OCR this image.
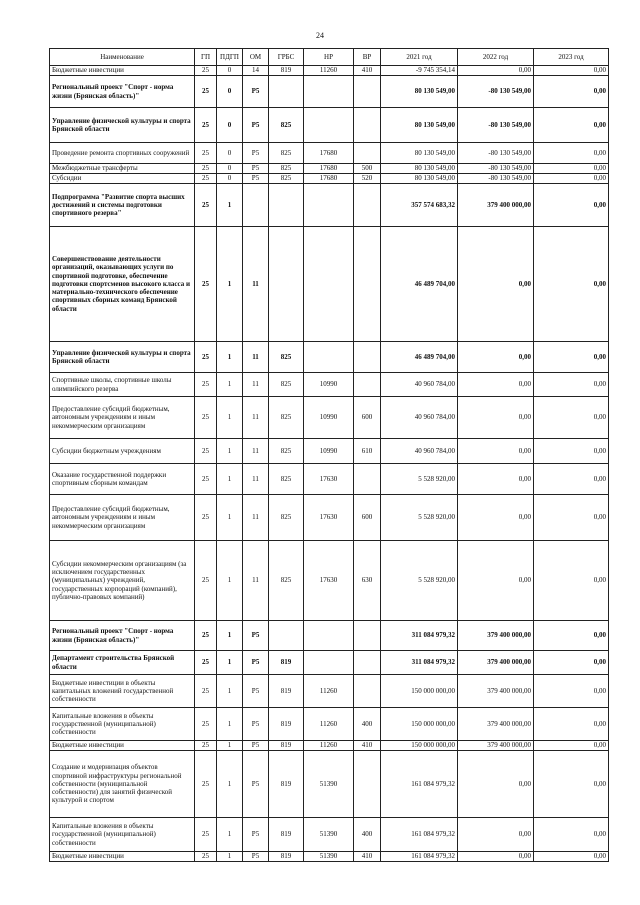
24
Наименование	ГП	ПДГП	ОМ	ГРБС	НР	ВР	2021 год	2022 год	2023 год
Бюджетные инвестиции	25	0	14	819	11260	410	-9 745 354,14	0,00	0,00
Региональный проект "Спорт - норма жизни (Брянская область)"	25	0	P5				80 130 549,00	-80 130 549,00	0,00
Управление физической культуры и спорта Брянской области	25	0	P5	825			80 130 549,00	-80 130 549,00	0,00
Проведение ремонта спортивных сооружений	25	0	P5	825	17680		80 130 549,00	-80 130 549,00	0,00
Межбюджетные трансферты	25	0	P5	825	17680	500	80 130 549,00	-80 130 549,00	0,00
Субсидии	25	0	P5	825	17680	520	80 130 549,00	-80 130 549,00	0,00
Подпрограмма "Развитие спорта высших достижений и системы подготовки спортивного резерва"	25	1					357 574 683,32	379 400 000,00	0,00
Совершенствование деятельности организаций, оказывающих услуги по спортивной подготовке, обеспечение подготовки спортсменов высокого класса и материально-технического обеспечение спортивных сборных команд Брянской области	25	1	11				46 489 704,00	0,00	0,00
Управление физической культуры и спорта Брянской области	25	1	11	825			46 489 704,00	0,00	0,00
Спортивные школы, спортивные школы олимпийского резерва	25	1	11	825	10990		40 960 784,00	0,00	0,00
Предоставление субсидий бюджетным, автономным учреждениям и иным некоммерческим организациям	25	1	11	825	10990	600	40 960 784,00	0,00	0,00
Субсидии бюджетным учреждениям	25	1	11	825	10990	610	40 960 784,00	0,00	0,00
Оказание государственной поддержки спортивным сборным командам	25	1	11	825	17630		5 528 920,00	0,00	0,00
Предоставление субсидий бюджетным, автономным учреждениям и иным некоммерческим организациям	25	1	11	825	17630	600	5 528 920,00	0,00	0,00
Субсидии некоммерческим организациям (за исключением государственных (муниципальных) учреждений, государственных корпораций (компаний), публично-правовых компаний)	25	1	11	825	17630	630	5 528 920,00	0,00	0,00
Региональный проект "Спорт - норма жизни (Брянская область)"	25	1	P5				311 084 979,32	379 400 000,00	0,00
Департамент строительства Брянской области	25	1	P5	819			311 084 979,32	379 400 000,00	0,00
Бюджетные инвестиции в объекты капитальных вложений государственной собственности	25	1	P5	819	11260		150 000 000,00	379 400 000,00	0,00
Капитальные вложения в объекты государственной (муниципальной) собственности	25	1	P5	819	11260	400	150 000 000,00	379 400 000,00	0,00
Бюджетные инвестиции	25	1	P5	819	11260	410	150 000 000,00	379 400 000,00	0,00
Создание и модернизация объектов спортивной инфраструктуры региональной собственности (муниципальной собственности) для занятий физической культурой и спортом	25	1	P5	819	51390		161 084 979,32	0,00	0,00
Капитальные вложения в объекты государственной (муниципальной) собственности	25	1	P5	819	51390	400	161 084 979,32	0,00	0,00
Бюджетные инвестиции	25	1	P5	819	51390	410	161 084 979,32	0,00	0,00
